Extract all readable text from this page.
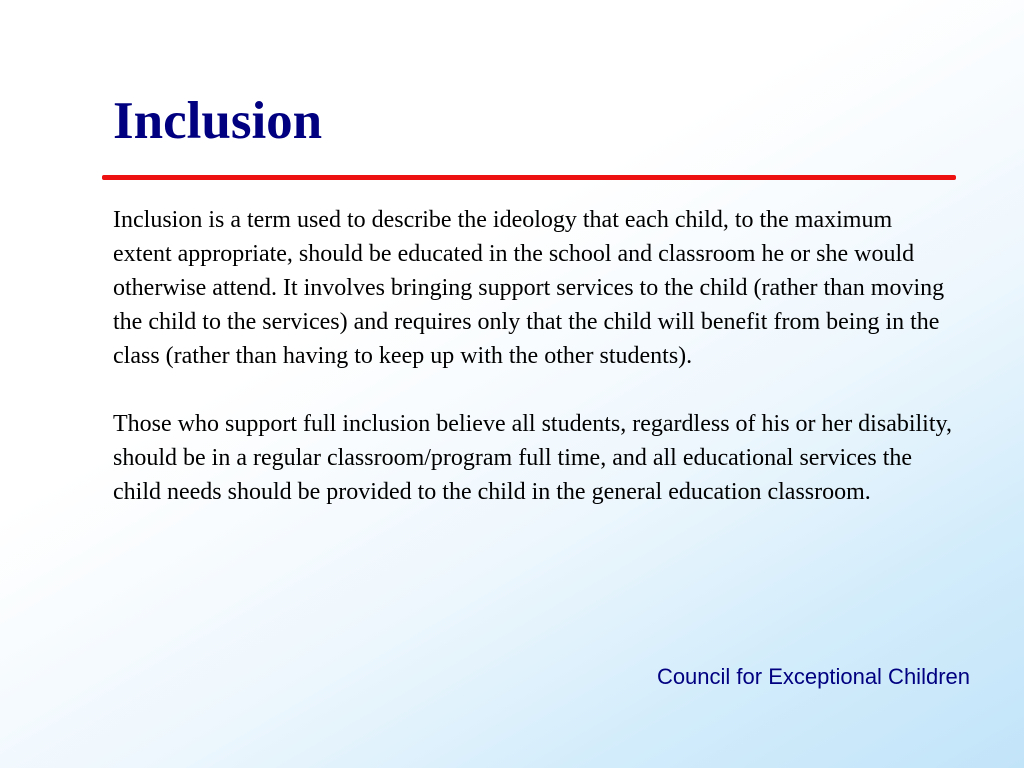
Inclusion

Inclusion is a term used to describe the ideology that each child, to the maximum extent appropriate, should be educated in the school and classroom he or she would otherwise attend. It involves bringing support services to the child (rather than moving the child to the services) and requires only that the child will benefit from being in the class (rather than having to keep up with the other students).

Those who support full inclusion believe all students, regardless of his or her disability, should be in a regular classroom/program full time, and all educational services the child needs should be provided to the child in the general education classroom.

Council for Exceptional Children
